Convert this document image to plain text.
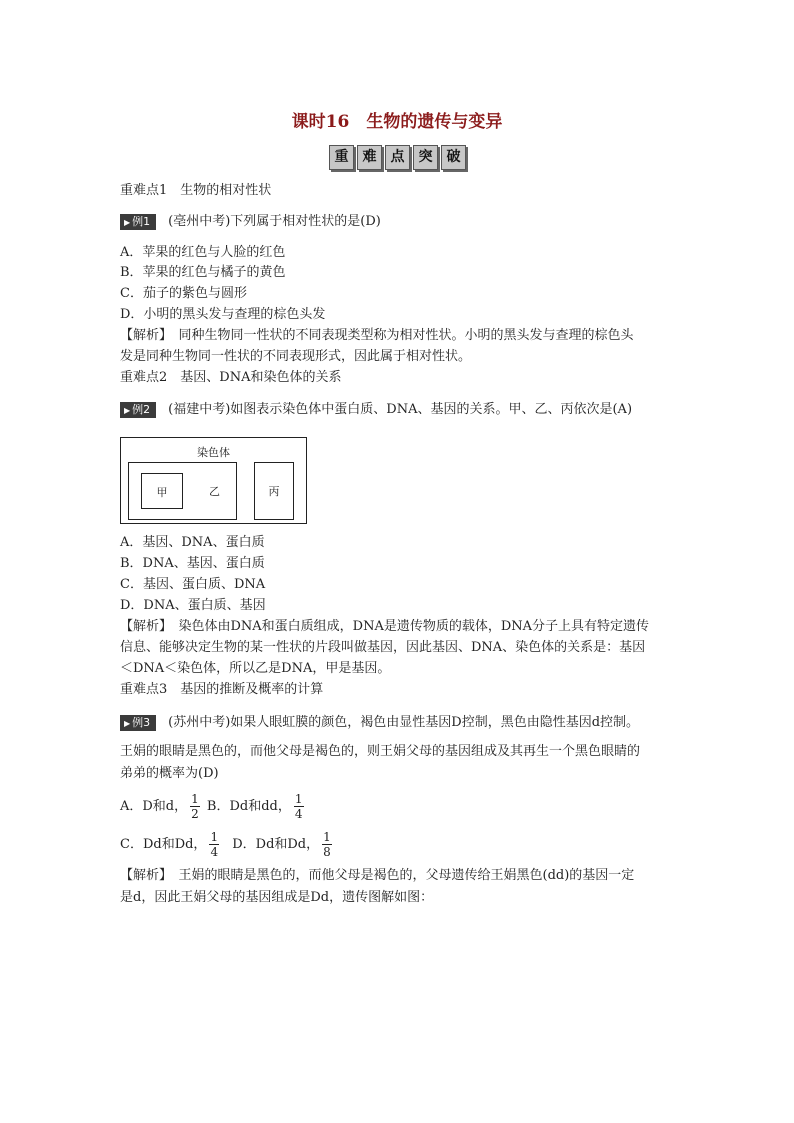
课时16　生物的遗传与变异
重	难	点	突	破
重难点1　生物的相对性状
▶ 例1 (亳州中考)下列属于相对性状的是(D)
A．苹果的红色与人脸的红色
B．苹果的红色与橘子的黄色
C．茄子的紫色与圆形
D．小明的黑头发与查理的棕色头发
【解析】　同种生物同一性状的不同表现类型称为相对性状。小明的黑头发与查理的棕色头
发是同种生物同一性状的不同表现形式，因此属于相对性状。
重难点2　基因、DNA和染色体的关系
▶ 例2 (福建中考)如图表示染色体中蛋白质、DNA、基因的关系。甲、乙、丙依次是(A)
染色体
甲	乙	丙
A．基因、DNA、蛋白质
B．DNA、基因、蛋白质
C．基因、蛋白质、DNA
D．DNA、蛋白质、基因
【解析】　染色体由DNA和蛋白质组成，DNA是遗传物质的载体，DNA分子上具有特定遗传
信息、能够决定生物的某一性状的片段叫做基因，因此基因、DNA、染色体的关系是：基因
＜DNA＜染色体，所以乙是DNA，甲是基因。
重难点3　基因的推断及概率的计算
▶ 例3 (苏州中考)如果人眼虹膜的颜色，褐色由显性基因D控制，黑色由隐性基因d控制。
王娟的眼睛是黑色的，而他父母是褐色的，则王娟父母的基因组成及其再生一个黑色眼睛的
弟弟的概率为(D)
A．D和d， $\frac{1}{2}$ B．Dd和dd， $\frac{1}{4}$
C．Dd和Dd， $\frac{1}{4}$ D．Dd和Dd， $\frac{1}{8}$
【解析】　王娟的眼睛是黑色的，而他父母是褐色的，父母遗传给王娟黑色(dd)的基因一定
是d，因此王娟父母的基因组成是Dd，遗传图解如图：
